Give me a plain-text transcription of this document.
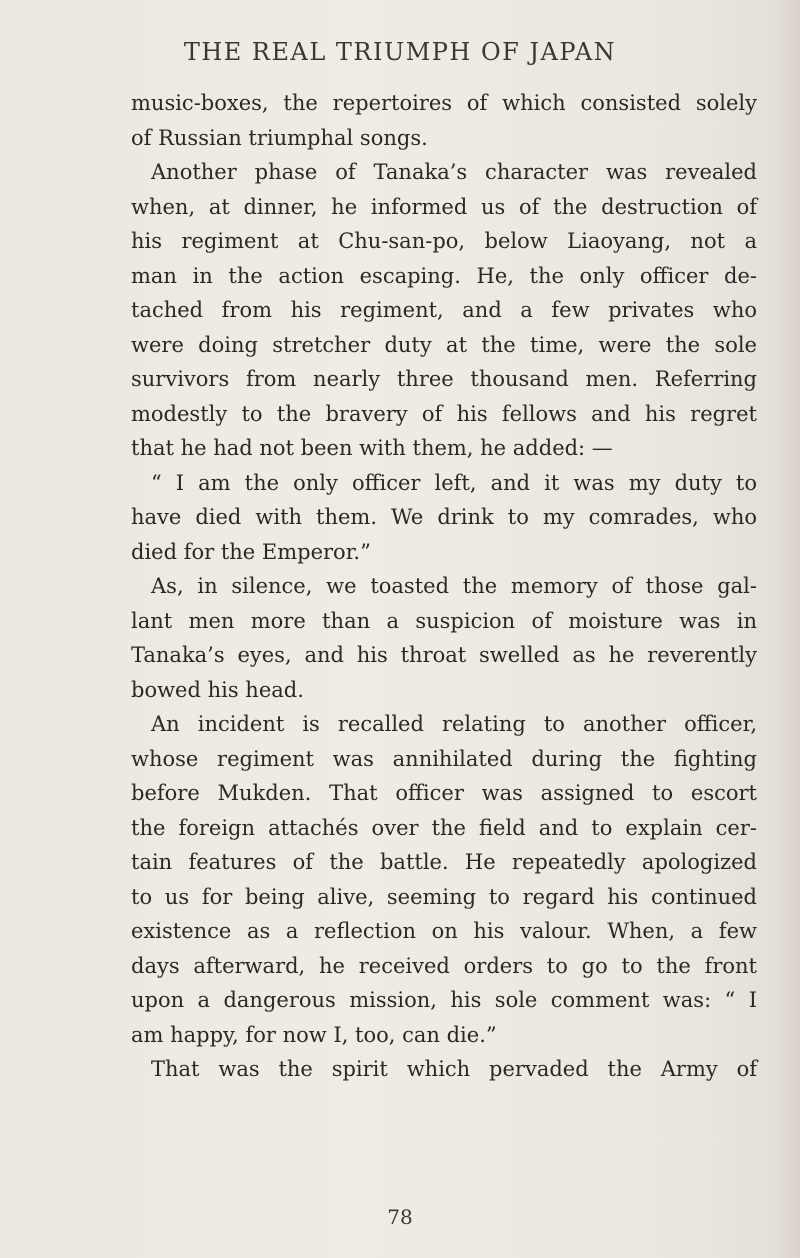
THE REAL TRIUMPH OF JAPAN
music-boxes, the repertoires of which consisted solely
of Russian triumphal songs.
Another phase of Tanaka’s character was revealed
when, at dinner, he informed us of the destruction of
his regiment at Chu-san-po, below Liaoyang, not a
man in the action escaping. He, the only officer de-
tached from his regiment, and a few privates who
were doing stretcher duty at the time, were the sole
survivors from nearly three thousand men. Referring
modestly to the bravery of his fellows and his regret
that he had not been with them, he added: —
“ I am the only officer left, and it was my duty to
have died with them. We drink to my comrades, who
died for the Emperor.”
As, in silence, we toasted the memory of those gal-
lant men more than a suspicion of moisture was in
Tanaka’s eyes, and his throat swelled as he reverently
bowed his head.
An incident is recalled relating to another officer,
whose regiment was annihilated during the fighting
before Mukden. That officer was assigned to escort
the foreign attachés over the field and to explain cer-
tain features of the battle. He repeatedly apologized
to us for being alive, seeming to regard his continued
existence as a reflection on his valour. When, a few
days afterward, he received orders to go to the front
upon a dangerous mission, his sole comment was: “ I
am happy, for now I, too, can die.”
That was the spirit which pervaded the Army of
78
